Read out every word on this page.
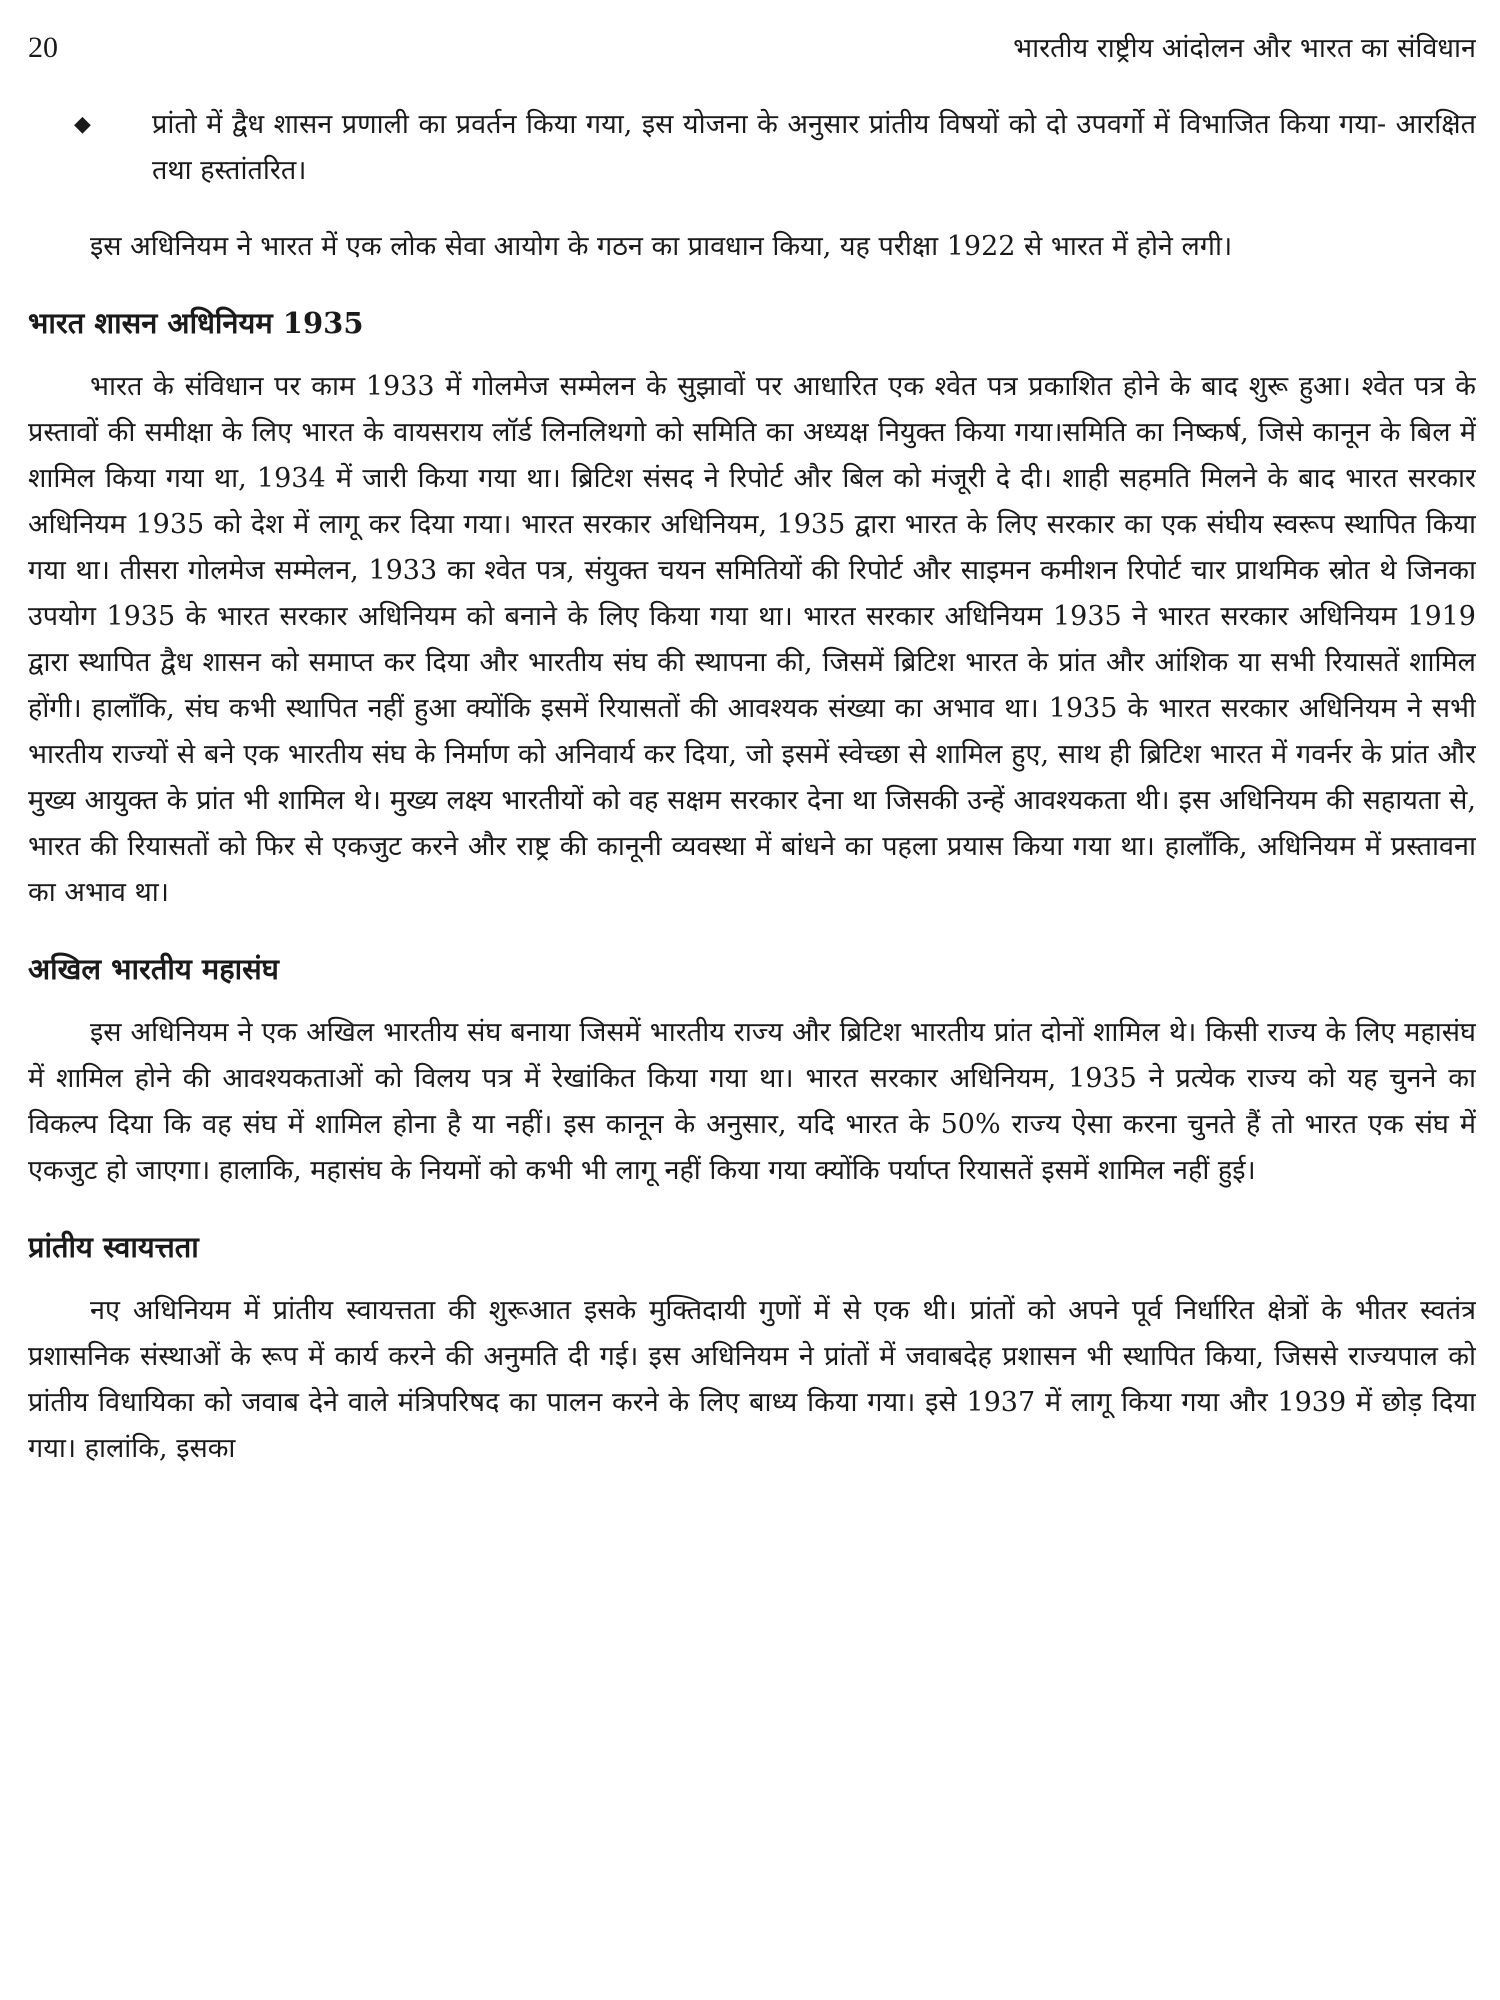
20	भारतीय राष्ट्रीय आंदोलन और भारत का संविधान
◆	प्रांतो में द्वैध शासन प्रणाली का प्रवर्तन किया गया, इस योजना के अनुसार प्रांतीय विषयों को दो उपवर्गो में विभाजित किया गया- आरक्षित तथा हस्तांतरित।

इस अधिनियम ने भारत में एक लोक सेवा आयोग के गठन का प्रावधान किया, यह परीक्षा 1922 से भारत में होने लगी।

भारत शासन अधिनियम 1935

भारत के संविधान पर काम 1933 में गोलमेज सम्मेलन के सुझावों पर आधारित एक श्वेत पत्र प्रकाशित होने के बाद शुरू हुआ। श्वेत पत्र के प्रस्तावों की समीक्षा के लिए भारत के वायसराय लॉर्ड लिनलिथगो को समिति का अध्यक्ष नियुक्त किया गया।समिति का निष्कर्ष, जिसे कानून के बिल में शामिल किया गया था, 1934 में जारी किया गया था। ब्रिटिश संसद ने रिपोर्ट और बिल को मंजूरी दे दी। शाही सहमति मिलने के बाद भारत सरकार अधिनियम 1935 को देश में लागू कर दिया गया। भारत सरकार अधिनियम, 1935 द्वारा भारत के लिए सरकार का एक संघीय स्वरूप स्थापित किया गया था। तीसरा गोलमेज सम्मेलन, 1933 का श्वेत पत्र, संयुक्त चयन समितियों की रिपोर्ट और साइमन कमीशन रिपोर्ट चार प्राथमिक स्रोत थे जिनका उपयोग 1935 के भारत सरकार अधिनियम को बनाने के लिए किया गया था। भारत सरकार अधिनियम 1935 ने भारत सरकार अधिनियम 1919 द्वारा स्थापित द्वैध शासन को समाप्त कर दिया और भारतीय संघ की स्थापना की, जिसमें ब्रिटिश भारत के प्रांत और आंशिक या सभी रियासतें शामिल होंगी। हालाँकि, संघ कभी स्थापित नहीं हुआ क्योंकि इसमें रियासतों की आवश्यक संख्या का अभाव था। 1935 के भारत सरकार अधिनियम ने सभी भारतीय राज्यों से बने एक भारतीय संघ के निर्माण को अनिवार्य कर दिया, जो इसमें स्वेच्छा से शामिल हुए, साथ ही ब्रिटिश भारत में गवर्नर के प्रांत और मुख्य आयुक्त के प्रांत भी शामिल थे। मुख्य लक्ष्य भारतीयों को वह सक्षम सरकार देना था जिसकी उन्हें आवश्यकता थी। इस अधिनियम की सहायता से, भारत की रियासतों को फिर से एकजुट करने और राष्ट्र की कानूनी व्यवस्था में बांधने का पहला प्रयास किया गया था। हालाँकि, अधिनियम में प्रस्तावना का अभाव था।

अखिल भारतीय महासंघ

इस अधिनियम ने एक अखिल भारतीय संघ बनाया जिसमें भारतीय राज्य और ब्रिटिश भारतीय प्रांत दोनों शामिल थे। किसी राज्य के लिए महासंघ में शामिल होने की आवश्यकताओं को विलय पत्र में रेखांकित किया गया था। भारत सरकार अधिनियम, 1935 ने प्रत्येक राज्य को यह चुनने का विकल्प दिया कि वह संघ में शामिल होना है या नहीं। इस कानून के अनुसार, यदि भारत के 50% राज्य ऐसा करना चुनते हैं तो भारत एक संघ में एकजुट हो जाएगा। हालाकि, महासंघ के नियमों को कभी भी लागू नहीं किया गया क्योंकि पर्याप्त रियासतें इसमें शामिल नहीं हुई।

प्रांतीय स्वायत्तता

नए अधिनियम में प्रांतीय स्वायत्तता की शुरूआत इसके मुक्तिदायी गुणों में से एक थी। प्रांतों को अपने पूर्व निर्धारित क्षेत्रों के भीतर स्वतंत्र प्रशासनिक संस्थाओं के रूप में कार्य करने की अनुमति दी गई। इस अधिनियम ने प्रांतों में जवाबदेह प्रशासन भी स्थापित किया, जिससे राज्यपाल को प्रांतीय विधायिका को जवाब देने वाले मंत्रिपरिषद का पालन करने के लिए बाध्य किया गया। इसे 1937 में लागू किया गया और 1939 में छोड़ दिया गया। हालांकि, इसका
